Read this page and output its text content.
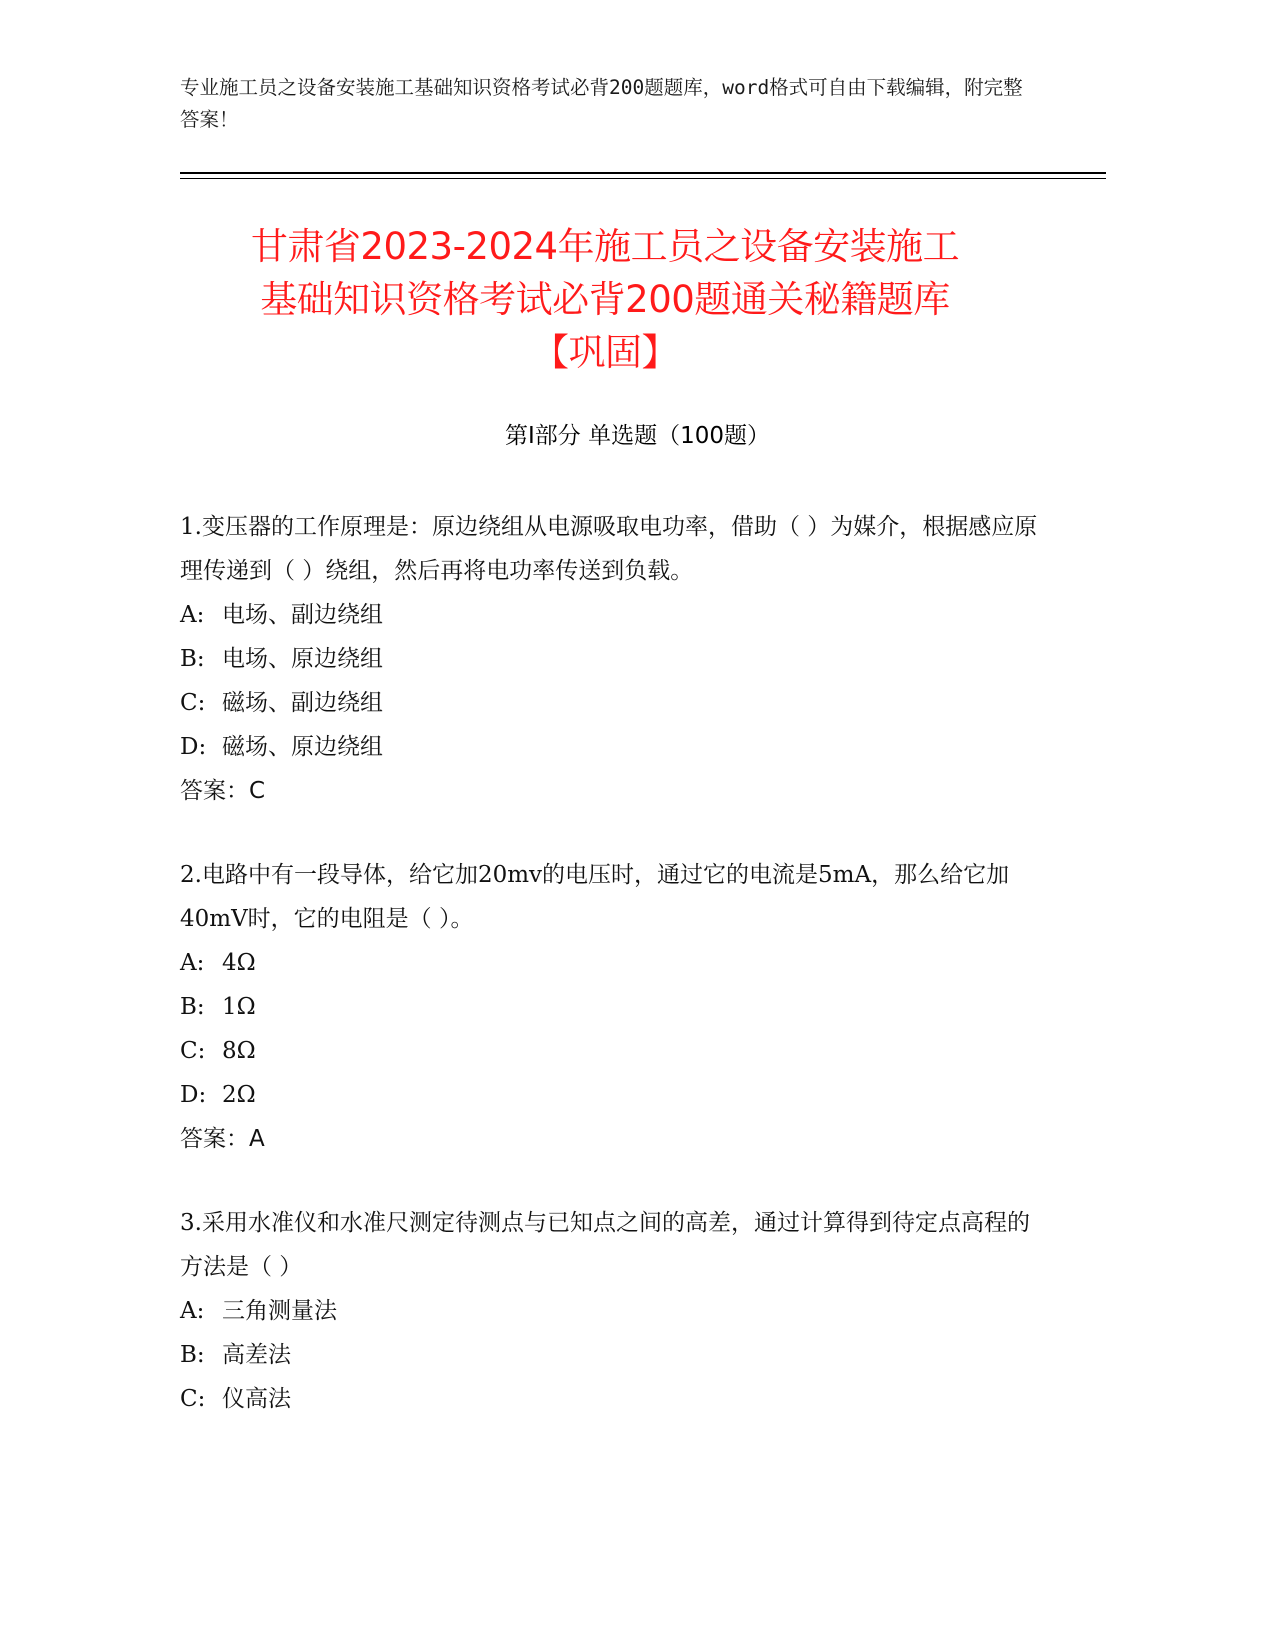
专业施工员之设备安装施工基础知识资格考试必背200题题库，word格式可自由下载编辑，附完整答案！
甘肃省2023-2024年施工员之设备安装施工
基础知识资格考试必背200题通关秘籍题库
【巩固】
第Ⅰ部分 单选题（100题）
1.变压器的工作原理是：原边绕组从电源吸取电功率，借助（ ）为媒介，根据感应原理传递到（ ）绕组，然后再将电功率传送到负载。
A: 电场、副边绕组
B: 电场、原边绕组
C: 磁场、副边绕组
D: 磁场、原边绕组
答案：C
2.电路中有一段导体，给它加20mv的电压时，通过它的电流是5mA，那么给它加40mV时，它的电阻是（ ）。
A: 4Ω
B: 1Ω
C: 8Ω
D: 2Ω
答案：A
3.采用水准仪和水准尺测定待测点与已知点之间的高差，通过计算得到待定点高程的方法是（ ）
A: 三角测量法
B: 高差法
C: 仪高法
